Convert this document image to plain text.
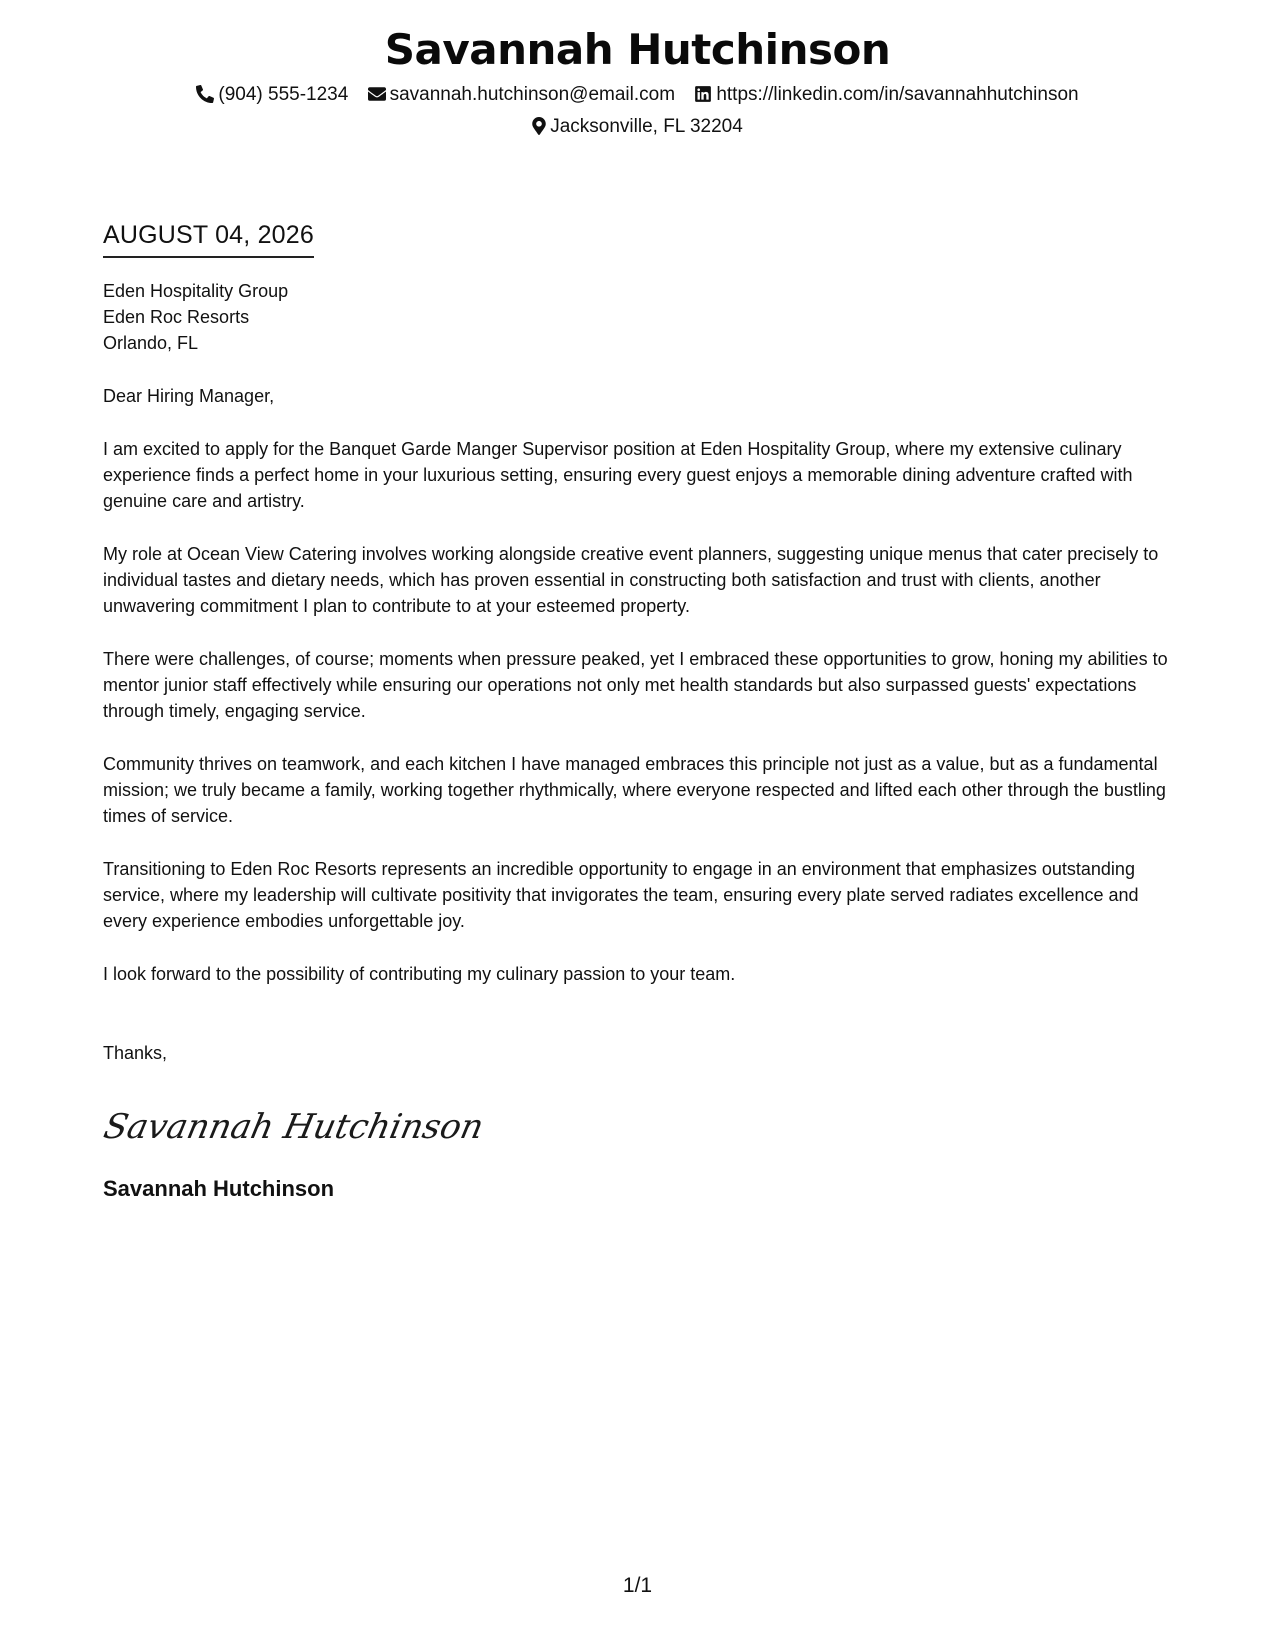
Savannah Hutchinson
(904) 555-1234 savannah.hutchinson@email.com https://linkedin.com/in/savannahhutchinson
Jacksonville, FL 32204
AUGUST 04, 2026
Eden Hospitality Group
Eden Roc Resorts
Orlando, FL
Dear Hiring Manager,
I am excited to apply for the Banquet Garde Manger Supervisor position at Eden Hospitality Group, where my extensive culinary experience finds a perfect home in your luxurious setting, ensuring every guest enjoys a memorable dining adventure crafted with genuine care and artistry.
My role at Ocean View Catering involves working alongside creative event planners, suggesting unique menus that cater precisely to individual tastes and dietary needs, which has proven essential in constructing both satisfaction and trust with clients, another unwavering commitment I plan to contribute to at your esteemed property.
There were challenges, of course; moments when pressure peaked, yet I embraced these opportunities to grow, honing my abilities to mentor junior staff effectively while ensuring our operations not only met health standards but also surpassed guests' expectations through timely, engaging service.
Community thrives on teamwork, and each kitchen I have managed embraces this principle not just as a value, but as a fundamental mission; we truly became a family, working together rhythmically, where everyone respected and lifted each other through the bustling times of service.
Transitioning to Eden Roc Resorts represents an incredible opportunity to engage in an environment that emphasizes outstanding service, where my leadership will cultivate positivity that invigorates the team, ensuring every plate served radiates excellence and every experience embodies unforgettable joy.
I look forward to the possibility of contributing my culinary passion to your team.
Thanks,
Savannah Hutchinson
Savannah Hutchinson
1/1
